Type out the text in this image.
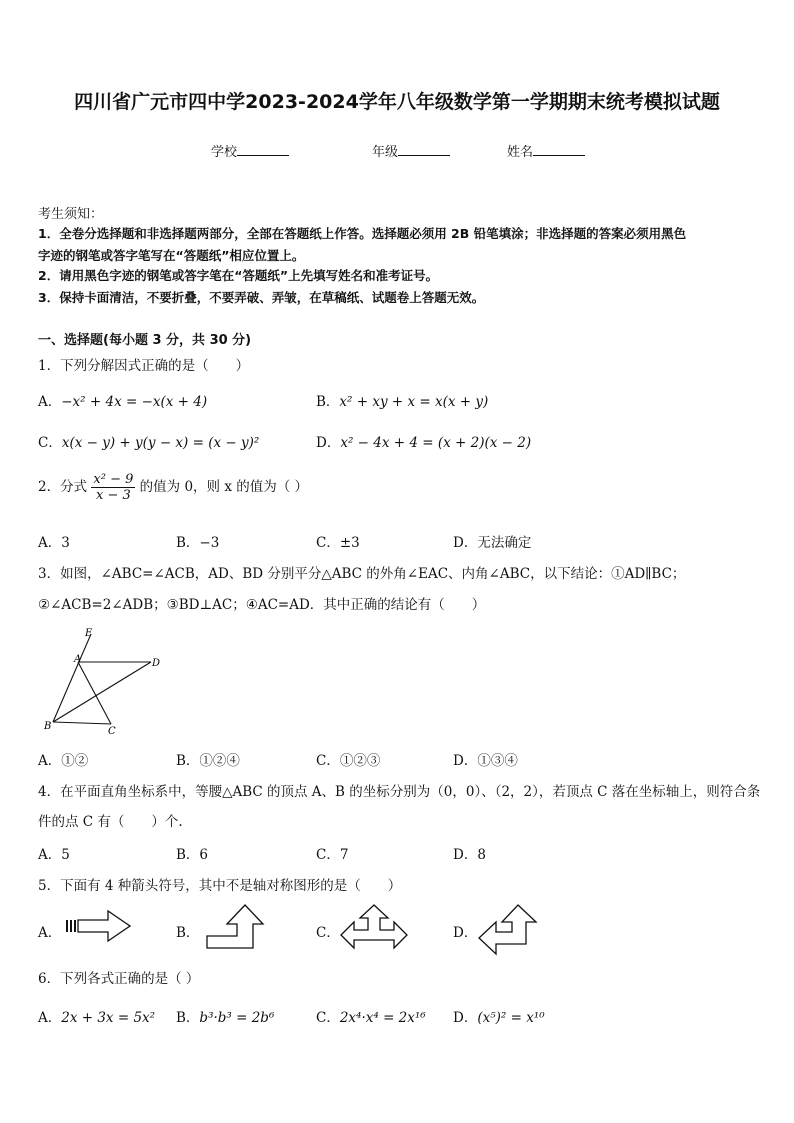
四川省广元市四中学2023-2024学年八年级数学第一学期期末统考模拟试题
学校	年级	姓名
考生须知：
1．全卷分选择题和非选择题两部分，全部在答题纸上作答。选择题必须用 2B 铅笔填涂；非选择题的答案必须用黑色
字迹的钢笔或答字笔写在“答题纸”相应位置上。
2．请用黑色字迹的钢笔或答字笔在“答题纸”上先填写姓名和准考证号。
3．保持卡面清洁，不要折叠，不要弄破、弄皱，在草稿纸、试题卷上答题无效。
一、选择题(每小题 3 分，共 30 分)
1．下列分解因式正确的是（　　）
A．−x² + 4x = −x(x + 4)	B．x² + xy + x = x(x + y)
C．x(x − y) + y(y − x) = (x − y)²	D．x² − 4x + 4 = (x + 2)(x − 2)
2．分式 $\frac{\text{x² − 9}}{x - 3}$ 的值为 0，则 x 的值为（ ）
A．3	B．−3	C．±3	D．无法确定
3．如图，∠ABC=∠ACB，AD、BD 分别平分△ABC 的外角∠EAC、内角∠ABC，以下结论：①AD∥BC；
②∠ACB=2∠ADB；③BD⊥AC；④AC=AD．其中正确的结论有（　　）
E
A	D
B	C
A．①②	B．①②④	C．①②③	D．①③④
4．在平面直角坐标系中，等腰△ABC 的顶点 A、B 的坐标分别为（0，0）、（2，2），若顶点 C 落在坐标轴上，则符合条
件的点 C 有（　　）个.
A．5	B．6	C．7	D．8
5．下面有 4 种箭头符号，其中不是轴对称图形的是（　　）
A．	B．	C．	D．
6．下列各式正确的是（ ）
A．2x + 3x = 5x² B．b³·b³ = 2b⁶	C．2x⁴·x⁴ = 2x¹⁶ D．(x⁵)² = x¹⁰
